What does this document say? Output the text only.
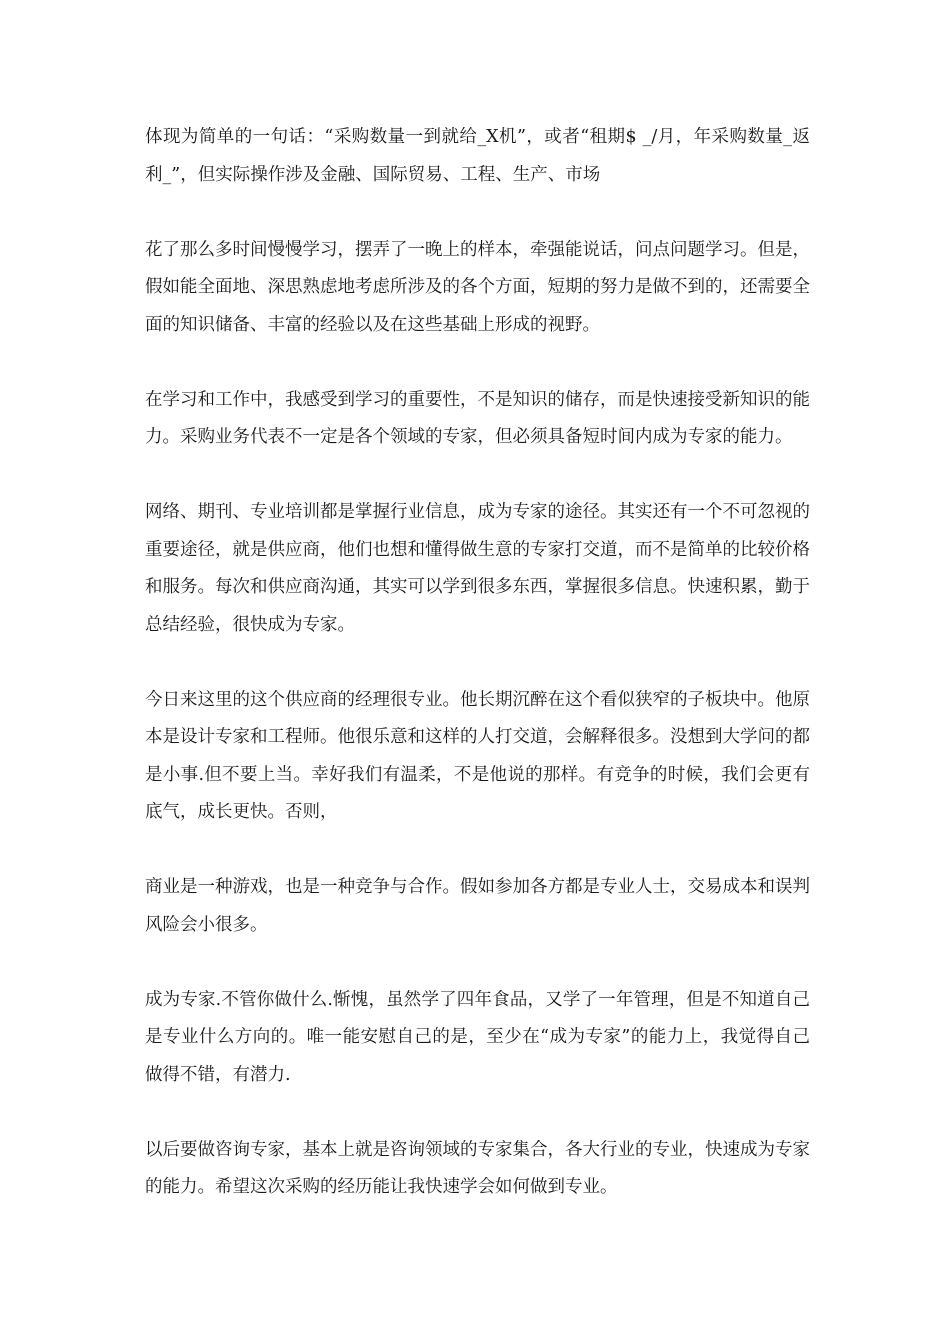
体现为简单的一句话：“采购数量一到就给_X机”，或者“租期$ _/月，年采购数量_返利_”，但实际操作涉及金融、国际贸易、工程、生产、市场

花了那么多时间慢慢学习，摆弄了一晚上的样本，牵强能说话，问点问题学习。但是，假如能全面地、深思熟虑地考虑所涉及的各个方面，短期的努力是做不到的，还需要全面的知识储备、丰富的经验以及在这些基础上形成的视野。

在学习和工作中，我感受到学习的重要性，不是知识的储存，而是快速接受新知识的能力。采购业务代表不一定是各个领域的专家，但必须具备短时间内成为专家的能力。

网络、期刊、专业培训都是掌握行业信息，成为专家的途径。其实还有一个不可忽视的重要途径，就是供应商，他们也想和懂得做生意的专家打交道，而不是简单的比较价格和服务。每次和供应商沟通，其实可以学到很多东西，掌握很多信息。快速积累，勤于总结经验，很快成为专家。

今日来这里的这个供应商的经理很专业。他长期沉醉在这个看似狭窄的子板块中。他原本是设计专家和工程师。他很乐意和这样的人打交道，会解释很多。没想到大学问的都是小事.但不要上当。幸好我们有温柔，不是他说的那样。有竞争的时候，我们会更有底气，成长更快。否则，

商业是一种游戏，也是一种竞争与合作。假如参加各方都是专业人士，交易成本和误判风险会小很多。

成为专家.不管你做什么.惭愧，虽然学了四年食品，又学了一年管理，但是不知道自己是专业什么方向的。唯一能安慰自己的是，至少在“成为专家”的能力上，我觉得自己做得不错，有潜力.

以后要做咨询专家，基本上就是咨询领域的专家集合，各大行业的专业，快速成为专家的能力。希望这次采购的经历能让我快速学会如何做到专业。
